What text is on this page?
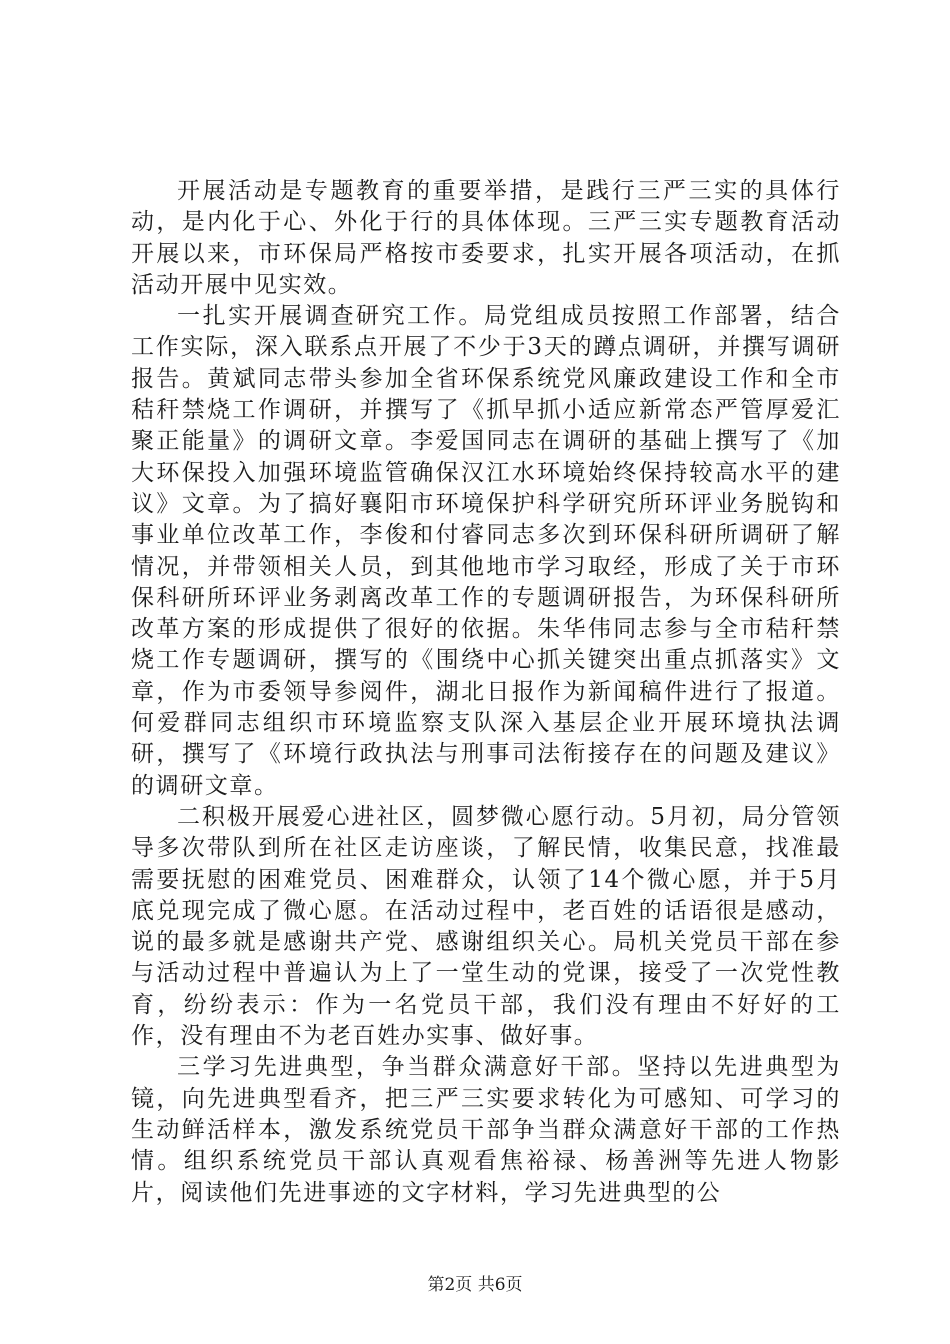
开展活动是专题教育的重要举措，是践行三严三实的具体行动，是内化于心、外化于行的具体体现。三严三实专题教育活动开展以来，市环保局严格按市委要求，扎实开展各项活动，在抓活动开展中见实效。

一扎实开展调查研究工作。局党组成员按照工作部署，结合工作实际，深入联系点开展了不少于3天的蹲点调研，并撰写调研报告。黄斌同志带头参加全省环保系统党风廉政建设工作和全市秸秆禁烧工作调研，并撰写了《抓早抓小适应新常态严管厚爱汇聚正能量》的调研文章。李爱国同志在调研的基础上撰写了《加大环保投入加强环境监管确保汉江水环境始终保持较高水平的建议》文章。为了搞好襄阳市环境保护科学研究所环评业务脱钩和事业单位改革工作，李俊和付睿同志多次到环保科研所调研了解情况，并带领相关人员，到其他地市学习取经，形成了关于市环保科研所环评业务剥离改革工作的专题调研报告，为环保科研所改革方案的形成提供了很好的依据。朱华伟同志参与全市秸秆禁烧工作专题调研，撰写的《围绕中心抓关键突出重点抓落实》文章，作为市委领导参阅件，湖北日报作为新闻稿件进行了报道。何爱群同志组织市环境监察支队深入基层企业开展环境执法调研，撰写了《环境行政执法与刑事司法衔接存在的问题及建议》的调研文章。

二积极开展爱心进社区，圆梦微心愿行动。5月初，局分管领导多次带队到所在社区走访座谈，了解民情，收集民意，找准最需要抚慰的困难党员、困难群众，认领了14个微心愿，并于5月底兑现完成了微心愿。在活动过程中，老百姓的话语很是感动，说的最多就是感谢共产党、感谢组织关心。局机关党员干部在参与活动过程中普遍认为上了一堂生动的党课，接受了一次党性教育，纷纷表示：作为一名党员干部，我们没有理由不好好的工作，没有理由不为老百姓办实事、做好事。

三学习先进典型，争当群众满意好干部。坚持以先进典型为镜，向先进典型看齐，把三严三实要求转化为可感知、可学习的生动鲜活样本，激发系统党员干部争当群众满意好干部的工作热情。组织系统党员干部认真观看焦裕禄、杨善洲等先进人物影片，阅读他们先进事迹的文字材料，学习先进典型的公

第2页 共6页
